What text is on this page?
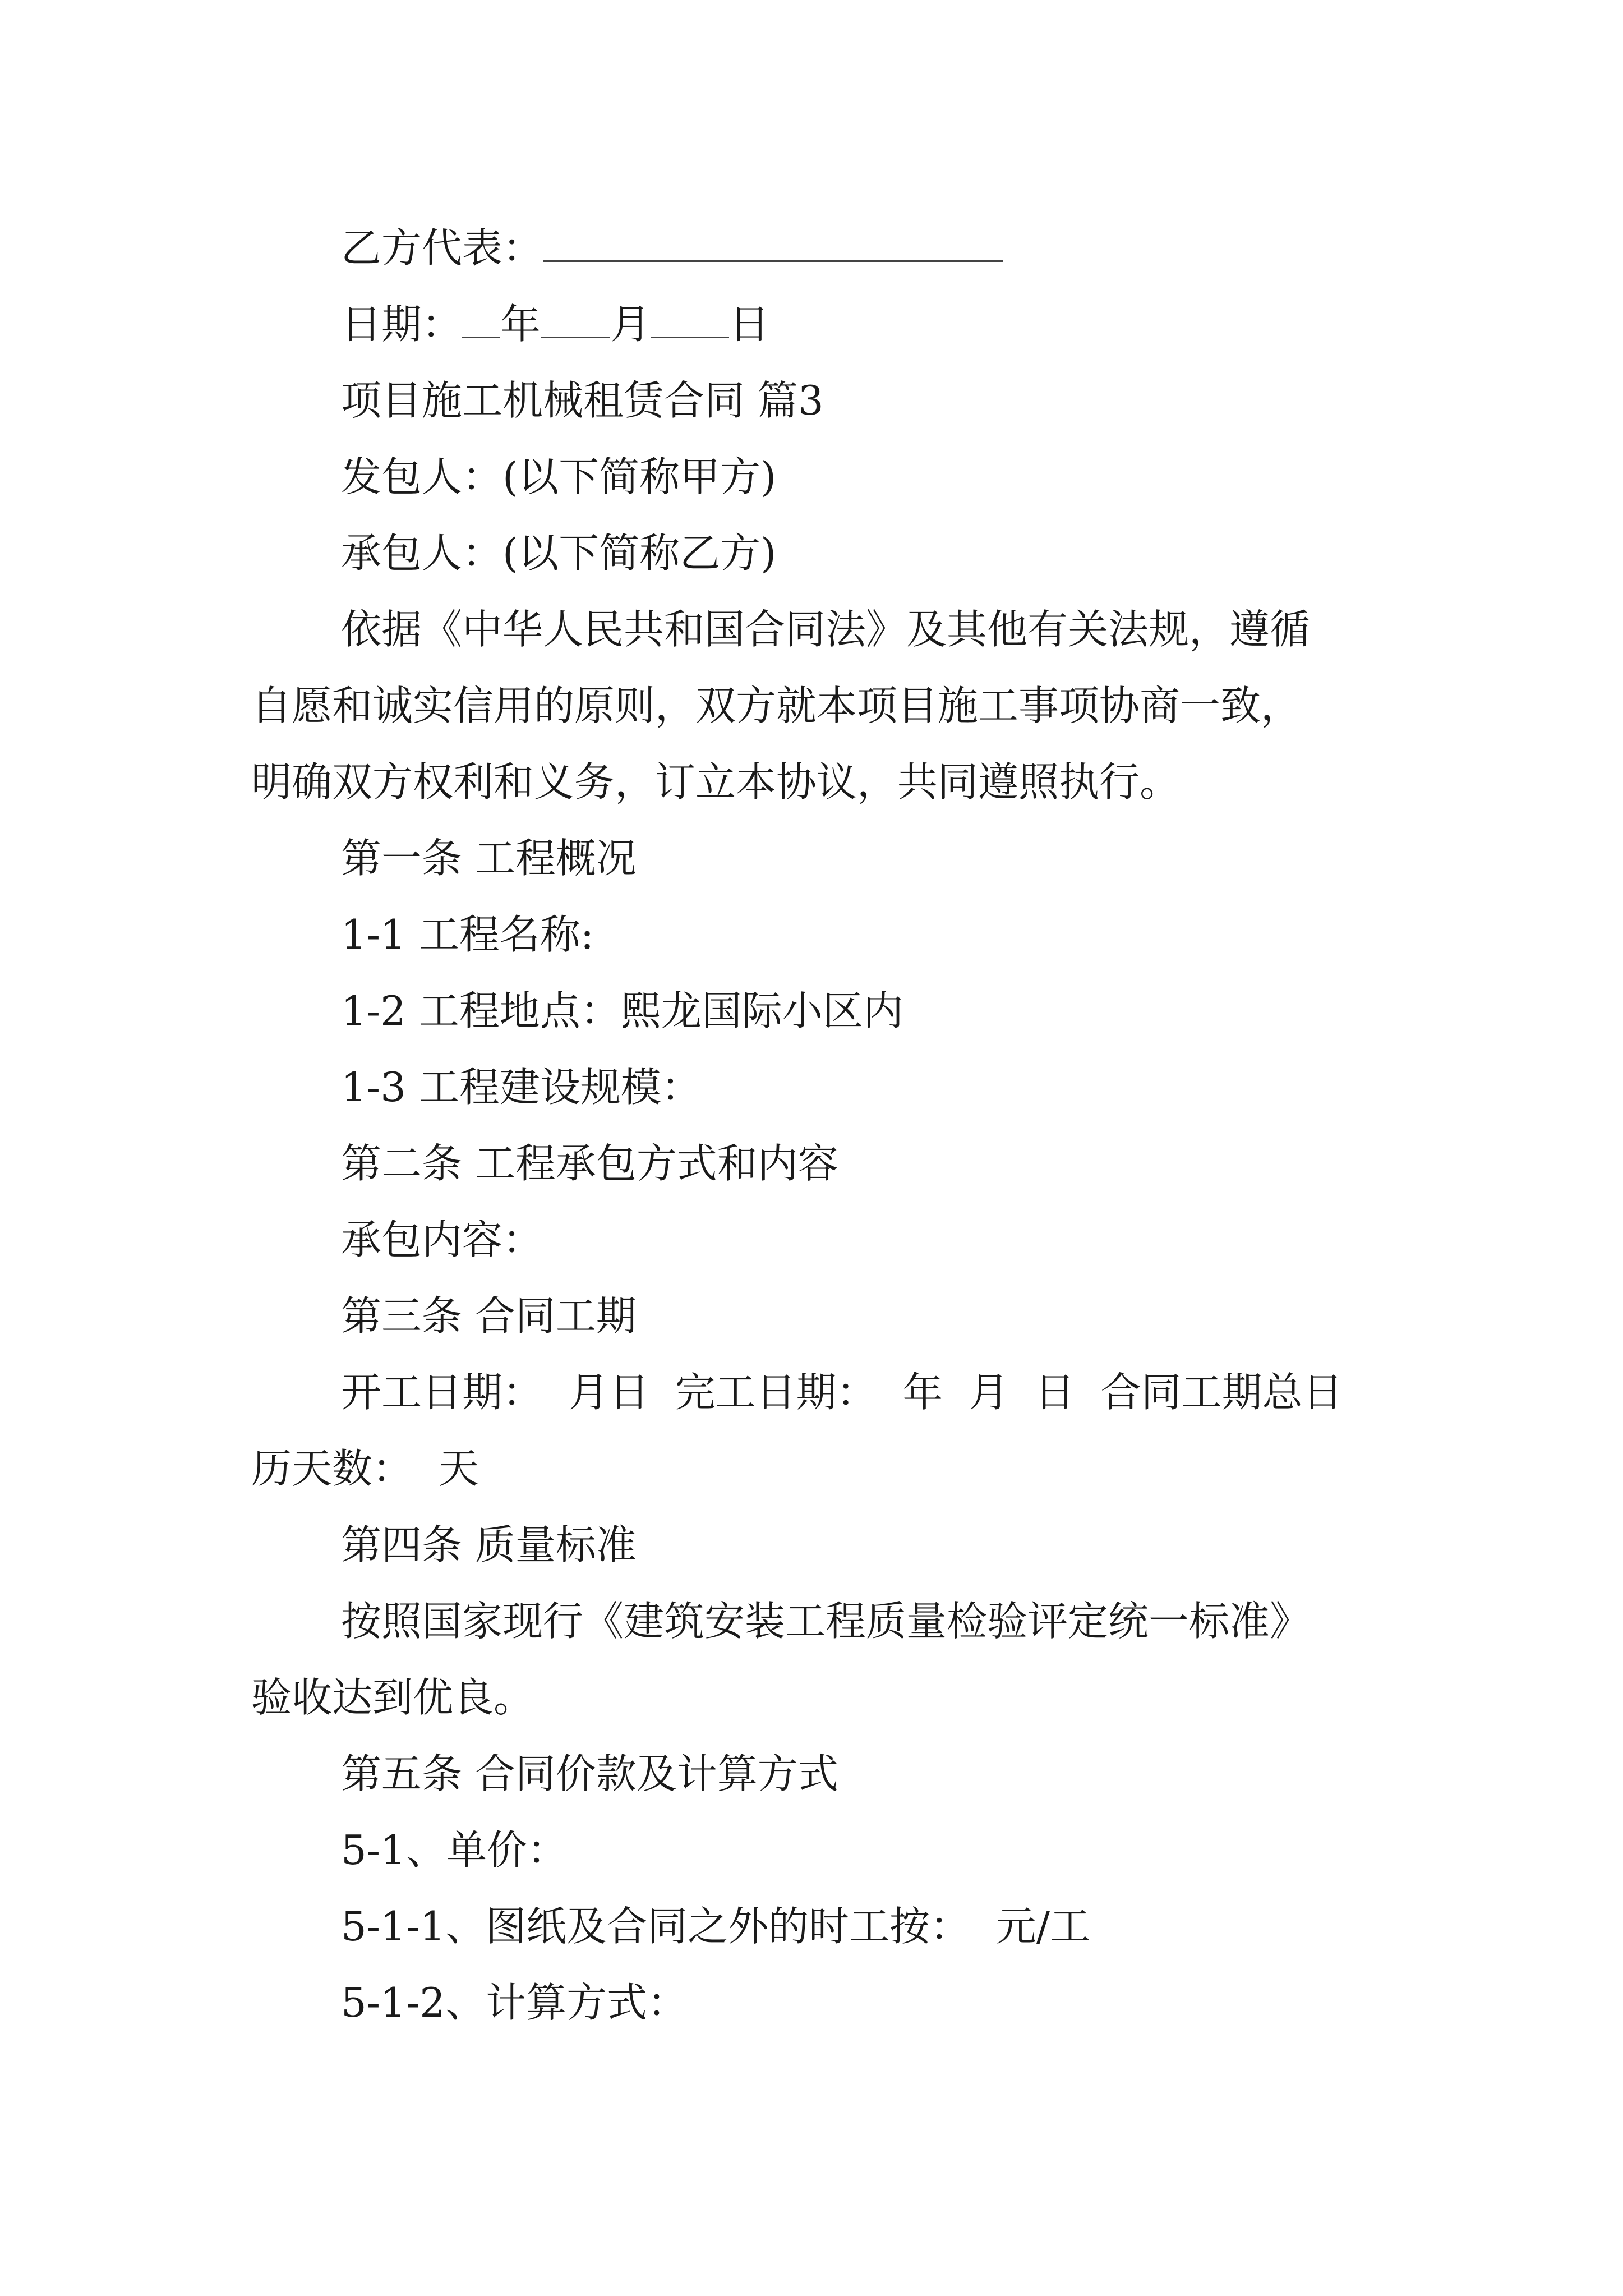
乙方代表：
日期： 年 月 日
项目施工机械租赁合同 篇3
发包人：(以下简称甲方)
承包人：(以下简称乙方)
依据《中华人民共和国合同法》及其他有关法规，遵循
自愿和诚实信用的原则，双方就本项目施工事项协商一致，
明确双方权利和义务，订立本协议，共同遵照执行。
第一条 工程概况
1-1 工程名称:
1-2 工程地点：熙龙国际小区内
1-3 工程建设规模：
第二条 工程承包方式和内容
承包内容：
第三条 合同工期
开工日期：  月日  完工日期：  年  月  日  合同工期总日
历天数：  天
第四条 质量标准
按照国家现行《建筑安装工程质量检验评定统一标准》
验收达到优良。
第五条 合同价款及计算方式
5-1、单价：
5-1-1、图纸及合同之外的时工按：  元/工
5-1-2、计算方式：
